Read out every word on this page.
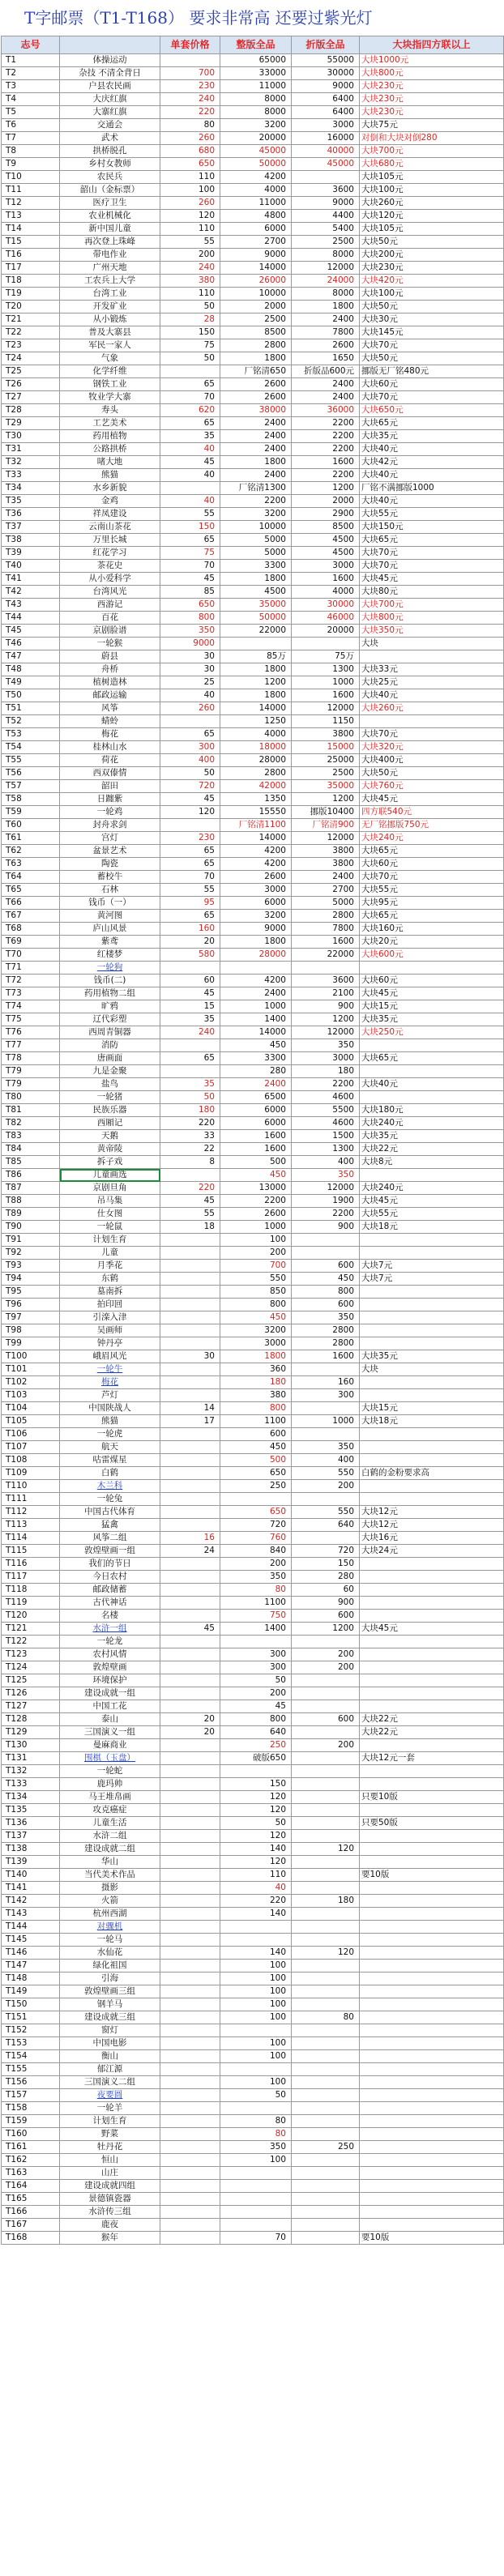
T字邮票（T1-T168） 要求非常高 还要过紫光灯
志号		单套价格	整版全品	折版全品	大块指四方联以上
T1	体操运动		65000	55000	大块1000元
T2	杂技 不清全背日	700	33000	30000	大块800元
T3	户县农民画	230	11000	9000	大块230元
T4	大庆红旗	240	8000	6400	大块230元
T5	大寨红旗	220	8000	6400	大块230元
T6	交通会	80	3200	3000	大块75元
T7	武术	260	20000	16000	对倒和大块对倒280
T8	拱桥脱孔	680	45000	40000	大块700元
T9	乡村女教师	650	50000	45000	大块680元
T10	农民兵	110	4200		大块105元
T11	韶山（金标票）	100	4000	3600	大块100元
T12	医疗卫生	260	11000	9000	大块260元
T13	农业机械化	120	4800	4400	大块120元
T14	新中国儿童	110	6000	5400	大块105元
T15	再次登上珠峰	55	2700	2500	大块50元
T16	带电作业	200	9000	8000	大块200元
T17	广州天地	240	14000	12000	大块230元
T18	工农兵上大学	380	26000	24000	大块420元
T19	台湾工业	110	10000	8000	大块100元
T20	开发矿业	50	2000	1800	大块50元
T21	从小锻炼	28	2500	2400	大块30元
T22	普及大寨县	150	8500	7800	大块145元
T23	军民一家人	75	2800	2600	大块70元
T24	气象	50	1800	1650	大块50元
T25	化学纤维		厂铭清650	折版品600元	挪版无厂铭480元
T26	钢铁工业	65	2600	2400	大块60元
T27	牧业学大寨	70	2600	2400	大块70元
T28	寿头	620	38000	36000	大块650元
T29	工艺美术	65	2400	2200	大块65元
T30	药用植物	35	2400	2200	大块35元
T31	公路拱桥	40	2400	2200	大块40元
T32	啫大地	45	1800	1600	大块42元
T33	熊猫	40	2400	2200	大块40元
T34	水乡新貌		厂铭清1300	1200	厂铭不满挪版1000
T35	金鸡	40	2200	2000	大块40元
T36	祥凤建设	55	3200	2900	大块55元
T37	云南山茶花	150	10000	8500	大块150元
T38	万里长城	65	5000	4500	大块65元
T39	红花学习	75	5000	4500	大块70元
T40	茶花史	70	3300	3000	大块70元
T41	从小爱科学	45	1800	1600	大块45元
T42	台湾风光	85	4500	4000	大块80元
T43	西游记	650	35000	30000	大块700元
T44	百花	800	50000	46000	大块800元
T45	京剧脸谱	350	22000	20000	大块350元
T46	一轮猴	9000			大块
T47	蔚县	30	85万	75万	
T48	舟桥	30	1800	1300	大块33元
T49	植树造林	25	1200	1000	大块25元
T50	邮政运输	40	1800	1600	大块40元
T51	风筝	260	14000	12000	大块260元
T52	蜻蛉		1250	1150	
T53	梅花	65	4000	3800	大块70元
T54	桂林山水	300	18000	15000	大块320元
T55	荷花	400	28000	25000	大块400元
T56	西双傣情	50	2800	2500	大块50元
T57	韶田	720	42000	35000	大块760元
T58	日躔紫	45	1350	1200	大块45元
T59	一轮鸡	120	15550	挪版10400	四方联540元
T60	封舟求剑		厂铭清1100	厂铭清900	无厂铭挪版750元
T61	宫灯	230	14000	12000	大块240元
T62	盆景艺术	65	4200	3800	大块65元
T63	陶瓷	65	4200	3800	大块60元
T64	蓄校牛	70	2600	2400	大块70元
T65	石林	55	3000	2700	大块55元
T66	钱币（一）	95	6000	5000	大块95元
T67	黄河图	65	3200	2800	大块65元
T68	庐山风景	160	9000	7800	大块160元
T69	紫鸢	20	1800	1600	大块20元
T70	红楼梦	580	28000	22000	大块600元
T71	一轮狗				
T72	钱币(二)	60	4200	3600	大块60元
T73	药用植物二组	45	2400	2100	大块45元
T74	旷鸦	15	1000	900	大块15元
T75	辽代彩塑	35	1400	1200	大块35元
T76	西周青铜器	240	14000	12000	大块250元
T77	消防		450	350	
T78	唐画面	65	3300	3000	大块65元
T79	九是金聚		280	180	
T79	盐鸟	35	2400	2200	大块40元
T80	一轮猪	50	6500	4600	
T81	民族乐器	180	6000	5500	大块180元
T82	西厢记	220	6000	4600	大块240元
T83	天鹅	33	1600	1500	大块35元
T84	黄帝陵	22	1600	1300	大块22元
T85	拆子戏	8	500	400	大块8元
T86	儿童画选		450	350	
T87	京剧旦角	220	13000	12000	大块240元
T88	吊马集	45	2200	1900	大块45元
T89	仕女图	55	2600	2200	大块55元
T90	一轮鼠	18	1000	900	大块18元
T91	计划生育		100		
T92	儿童		200		
T93	月季花		700	600	大块7元
T94	东鹤		550	450	大块7元
T95	墓南拆		850	800	
T96	拍印回		800	600	
T97	引滦入津		450	350	
T98	吴画师		3200	2800	
T99	钟丹亭		3000	2800	
T100	峨眉风光	30	1800	1600	大块35元
T101	一轮牛		360		大块
T102	梅花		180	160	
T103	芦灯		380	300	
T104	中国陕战人	14	800		大块15元
T105	熊猫	17	1100	1000	大块18元
T106	一轮虎		600		
T107	航天		450	350	
T108	咕雷煤星		500	400	
T109	白鹤		650	550	白鹤的金粉要求高
T110	木兰科		250	200	
T111	一轮兔				
T112	中国古代体育		650	550	大块12元
T113	猛禽		720	640	大块12元
T114	风筝二组	16	760		大块16元
T115	敦煌壁画一组	24	840	720	大块24元
T116	我们的节日		200	150	
T117	今日农村		350	280	
T118	邮政储蓄		80	60	
T119	古代神话		1100	900	
T120	名楼		750	600	
T121	水浒一组	45	1400	1200	大块45元
T122	一轮龙				
T123	农村风情		300	200	
T124	敦煌壁画		300	200	
T125	环境保护		50		
T126	建设成就一组		200		
T127	中国工花		45		
T128	泰山	20	800	600	大块22元
T129	三国演义一组	20	640		大块22元
T130	曼麻商业		250	200	
T131	围棋（玉盘）		破版650		大块12元一套
T132	一轮蛇				
T133	鹿玛帅		150		
T134	马王堆帛画		120		只要10版
T135	攻克癌症		120		
T136	儿童生活		50		只要50版
T137	水浒二组		120		
T138	建设成就二组		140	120	
T139	华山		120		
T140	当代美术作品		110		要10版
T141	摄影		40		
T142	火箭		220	180	
T143	杭州西湖		140		
T144	对骤机				
T145	一轮马				
T146	水仙花		140	120	
T147	绿化祖国		100		
T148	引海		100		
T149	敦煌壁画三组		100		
T150	钢羊马		100		
T151	建设成就三组		100	80	
T152	窗灯				
T153	中国电影		100		
T154	衡山		100		
T155	郁江源				
T156	三国演义二组		100		
T157	夜要圆		50		
T158	一轮羊				
T159	计划生育		80		
T160	野菜		80		
T161	牡丹花		350	250	
T162	恒山		100		
T163	山庄				
T164	建设成就四组				
T165	景德镇瓷器				
T166	水浒传三组				
T167	鹿夜				
T168	猴年		70		要10版
